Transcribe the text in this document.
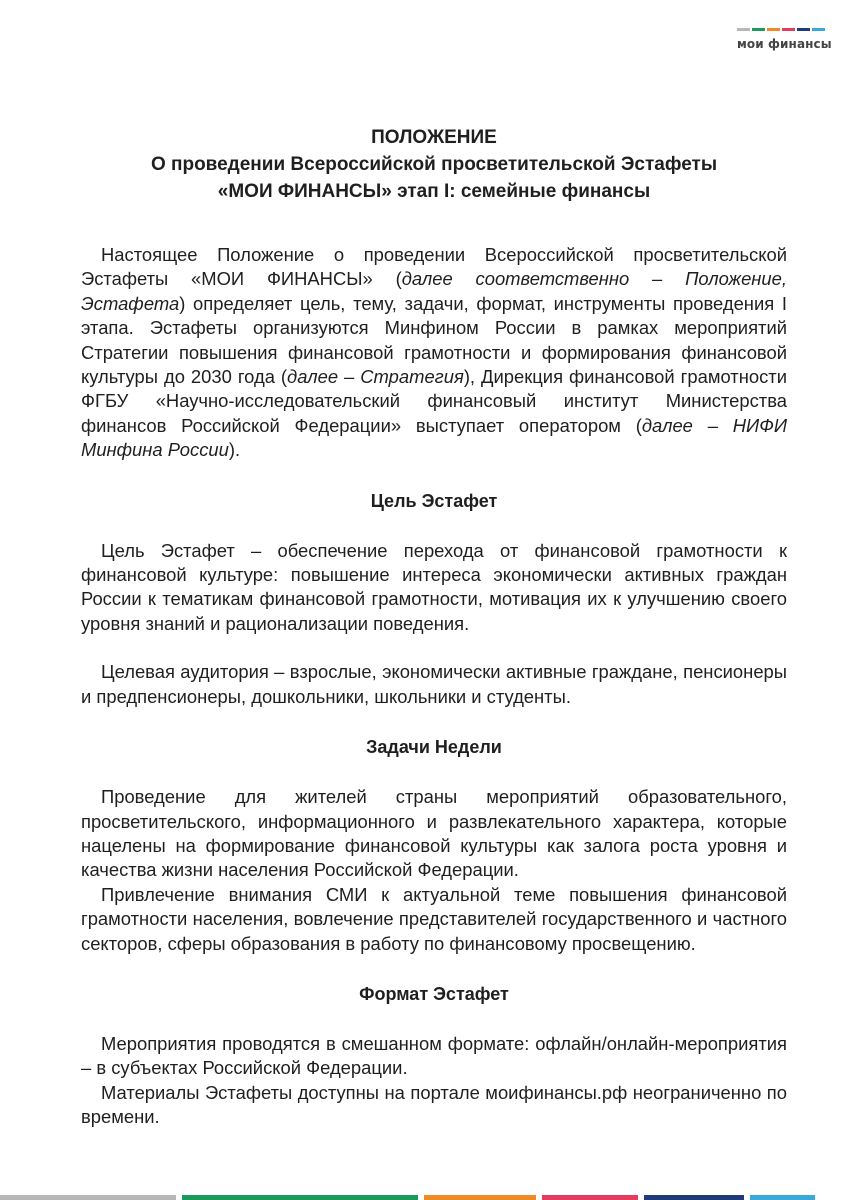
мои финансы
ПОЛОЖЕНИЕ
О проведении Всероссийской просветительской Эстафеты
«МОИ ФИНАНСЫ» этап I: семейные финансы

Настоящее Положение о проведении Всероссийской просветительской Эстафеты «МОИ ФИНАНСЫ» (далее соответственно – Положение, Эстафета) определяет цель, тему, задачи, формат, инструменты проведения I этапа. Эстафеты организуются Минфином России в рамках мероприятий Стратегии повышения финансовой грамотности и формирования финансовой культуры до 2030 года (далее – Стратегия), Дирекция финансовой грамотности ФГБУ «Научно-исследовательский финансовый институт Министерства финансов Российской Федерации» выступает оператором (далее – НИФИ Минфина России).

Цель Эстафет

Цель Эстафет – обеспечение перехода от финансовой грамотности к финансовой культуре: повышение интереса экономически активных граждан России к тематикам финансовой грамотности, мотивация их к улучшению своего уровня знаний и рационализации поведения.

Целевая аудитория – взрослые, экономически активные граждане, пенсионеры и предпенсионеры, дошкольники, школьники и студенты.

Задачи Недели

Проведение для жителей страны мероприятий образовательного, просветительского, информационного и развлекательного характера, которые нацелены на формирование финансовой культуры как залога роста уровня и качества жизни населения Российской Федерации.

Привлечение внимания СМИ к актуальной теме повышения финансовой грамотности населения, вовлечение представителей государственного и частного секторов, сферы образования в работу по финансовому просвещению.

Формат Эстафет

Мероприятия проводятся в смешанном формате: офлайн/онлайн-мероприятия – в субъектах Российской Федерации.

Материалы Эстафеты доступны на портале моифинансы.рф неограниченно по времени.
